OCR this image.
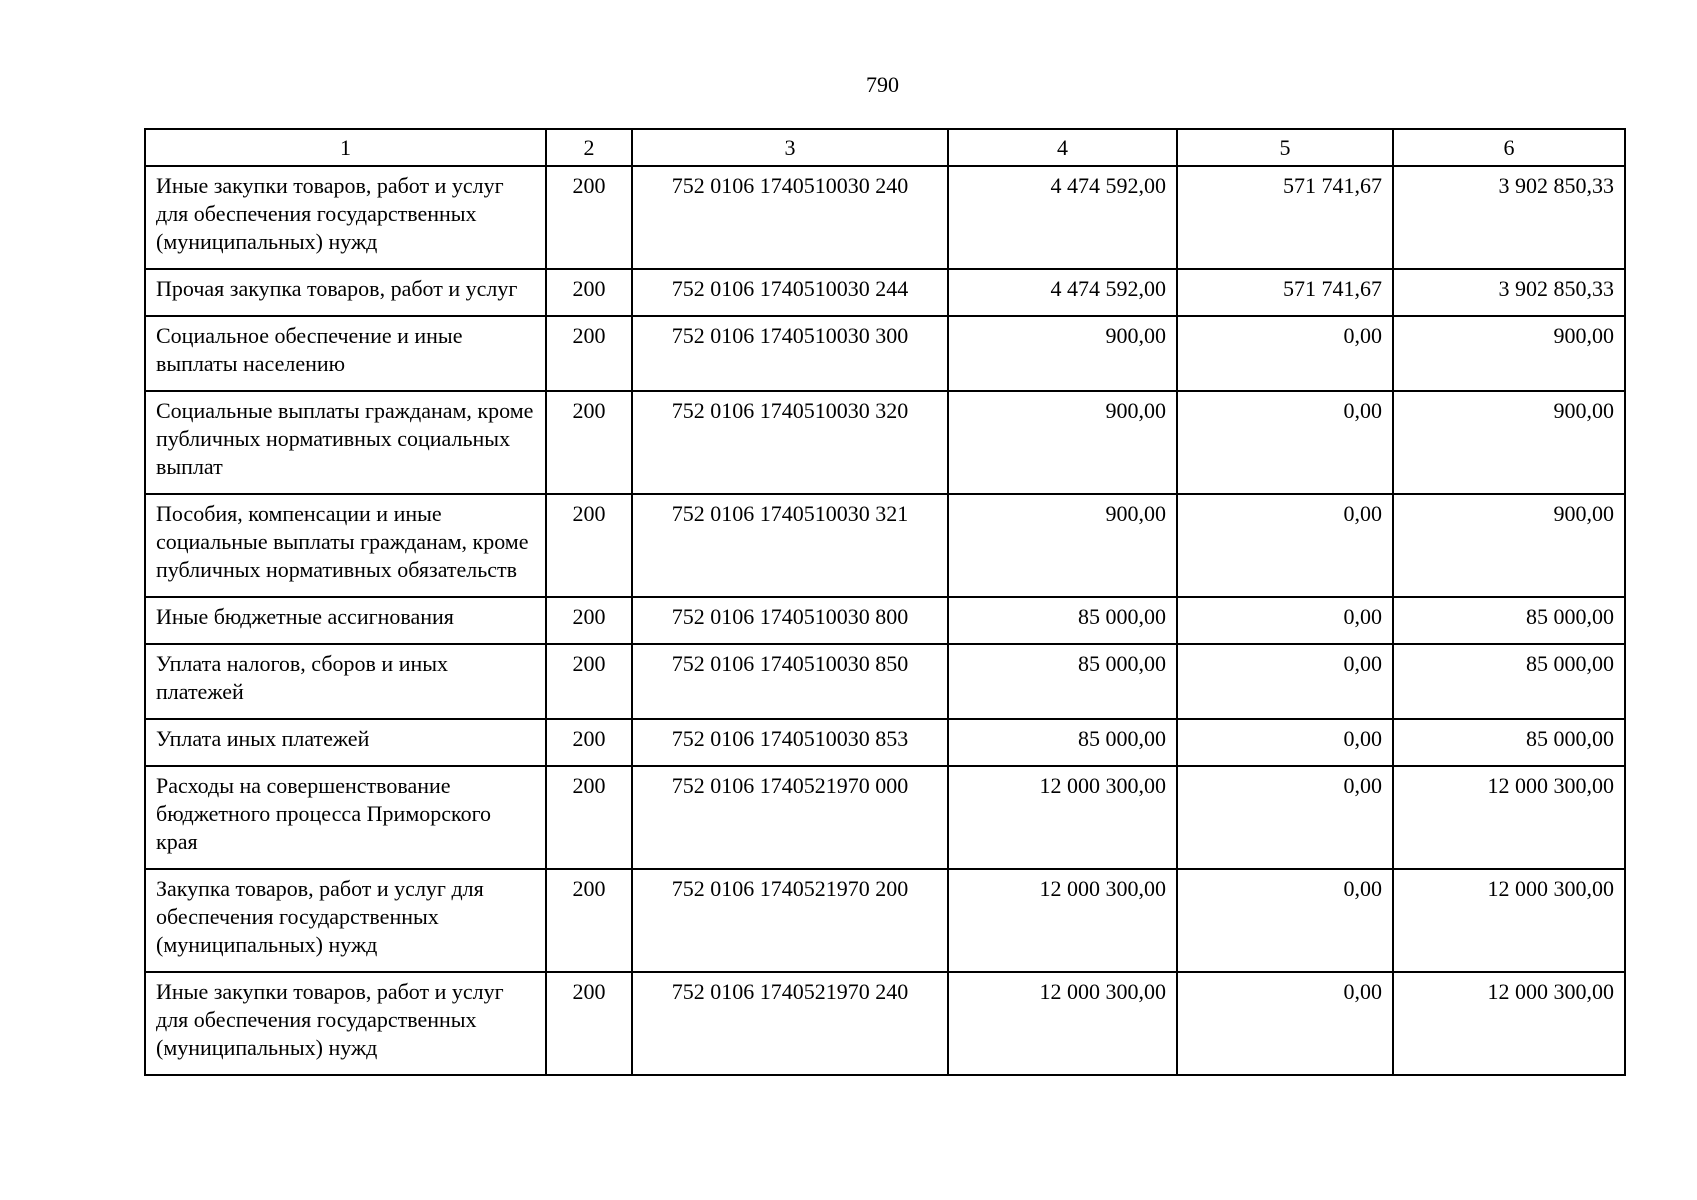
790
1	2	3	4	5	6
Иные закупки товаров, работ и услуг для обеспечения государственных (муниципальных) нужд	200	752 0106 1740510030 240	4 474 592,00	571 741,67	3 902 850,33
Прочая закупка товаров, работ и услуг	200	752 0106 1740510030 244	4 474 592,00	571 741,67	3 902 850,33
Социальное обеспечение и иные выплаты населению	200	752 0106 1740510030 300	900,00	0,00	900,00
Социальные выплаты гражданам, кроме публичных нормативных социальных выплат	200	752 0106 1740510030 320	900,00	0,00	900,00
Пособия, компенсации и иные социальные выплаты гражданам, кроме публичных нормативных обязательств	200	752 0106 1740510030 321	900,00	0,00	900,00
Иные бюджетные ассигнования	200	752 0106 1740510030 800	85 000,00	0,00	85 000,00
Уплата налогов, сборов и иных платежей	200	752 0106 1740510030 850	85 000,00	0,00	85 000,00
Уплата иных платежей	200	752 0106 1740510030 853	85 000,00	0,00	85 000,00
Расходы на совершенствование бюджетного процесса Приморского края	200	752 0106 1740521970 000	12 000 300,00	0,00	12 000 300,00
Закупка товаров, работ и услуг для обеспечения государственных (муниципальных) нужд	200	752 0106 1740521970 200	12 000 300,00	0,00	12 000 300,00
Иные закупки товаров, работ и услуг для обеспечения государственных (муниципальных) нужд	200	752 0106 1740521970 240	12 000 300,00	0,00	12 000 300,00
